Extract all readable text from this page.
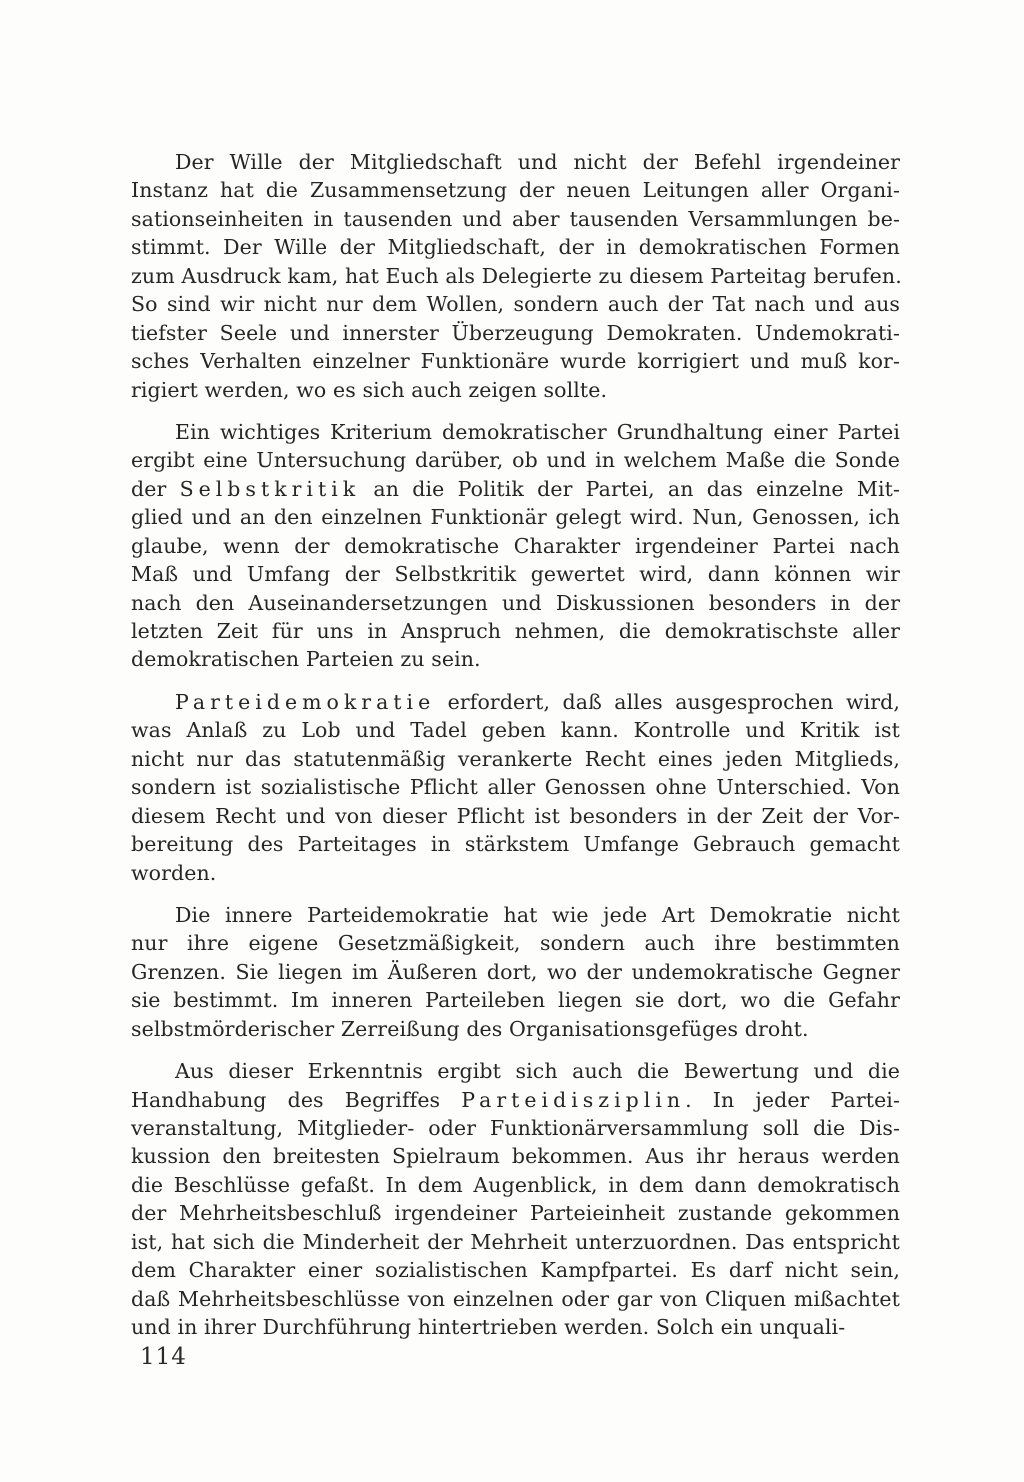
Der Wille der Mitgliedschaft und nicht der Befehl irgendeiner
Instanz hat die Zusammensetzung der neuen Leitungen aller Organi-
sationseinheiten in tausenden und aber tausenden Versammlungen be-
stimmt. Der Wille der Mitgliedschaft, der in demokratischen Formen
zum Ausdruck kam, hat Euch als Delegierte zu diesem Parteitag berufen.
So sind wir nicht nur dem Wollen, sondern auch der Tat nach und aus
tiefster Seele und innerster Überzeugung Demokraten. Undemokrati-
sches Verhalten einzelner Funktionäre wurde korrigiert und muß kor-
rigiert werden, wo es sich auch zeigen sollte.
Ein wichtiges Kriterium demokratischer Grundhaltung einer Partei
ergibt eine Untersuchung darüber, ob und in welchem Maße die Sonde
der Selbstkritik an die Politik der Partei, an das einzelne Mit-
glied und an den einzelnen Funktionär gelegt wird. Nun, Genossen, ich
glaube, wenn der demokratische Charakter irgendeiner Partei nach
Maß und Umfang der Selbstkritik gewertet wird, dann können wir
nach den Auseinandersetzungen und Diskussionen besonders in der
letzten Zeit für uns in Anspruch nehmen, die demokratischste aller
demokratischen Parteien zu sein.
Parteidemokratie erfordert, daß alles ausgesprochen wird,
was Anlaß zu Lob und Tadel geben kann. Kontrolle und Kritik ist
nicht nur das statutenmäßig verankerte Recht eines jeden Mitglieds,
sondern ist sozialistische Pflicht aller Genossen ohne Unterschied. Von
diesem Recht und von dieser Pflicht ist besonders in der Zeit der Vor-
bereitung des Parteitages in stärkstem Umfange Gebrauch gemacht
worden.
Die innere Parteidemokratie hat wie jede Art Demokratie nicht
nur ihre eigene Gesetzmäßigkeit, sondern auch ihre bestimmten
Grenzen. Sie liegen im Äußeren dort, wo der undemokratische Gegner
sie bestimmt. Im inneren Parteileben liegen sie dort, wo die Gefahr
selbstmörderischer Zerreißung des Organisationsgefüges droht.
Aus dieser Erkenntnis ergibt sich auch die Bewertung und die
Handhabung des Begriffes Parteidisziplin. In jeder Partei-
veranstaltung, Mitglieder- oder Funktionärversammlung soll die Dis-
kussion den breitesten Spielraum bekommen. Aus ihr heraus werden
die Beschlüsse gefaßt. In dem Augenblick, in dem dann demokratisch
der Mehrheitsbeschluß irgendeiner Parteieinheit zustande gekommen
ist, hat sich die Minderheit der Mehrheit unterzuordnen. Das entspricht
dem Charakter einer sozialistischen Kampfpartei. Es darf nicht sein,
daß Mehrheitsbeschlüsse von einzelnen oder gar von Cliquen mißachtet
und in ihrer Durchführung hintertrieben werden. Solch ein unquali-
114
